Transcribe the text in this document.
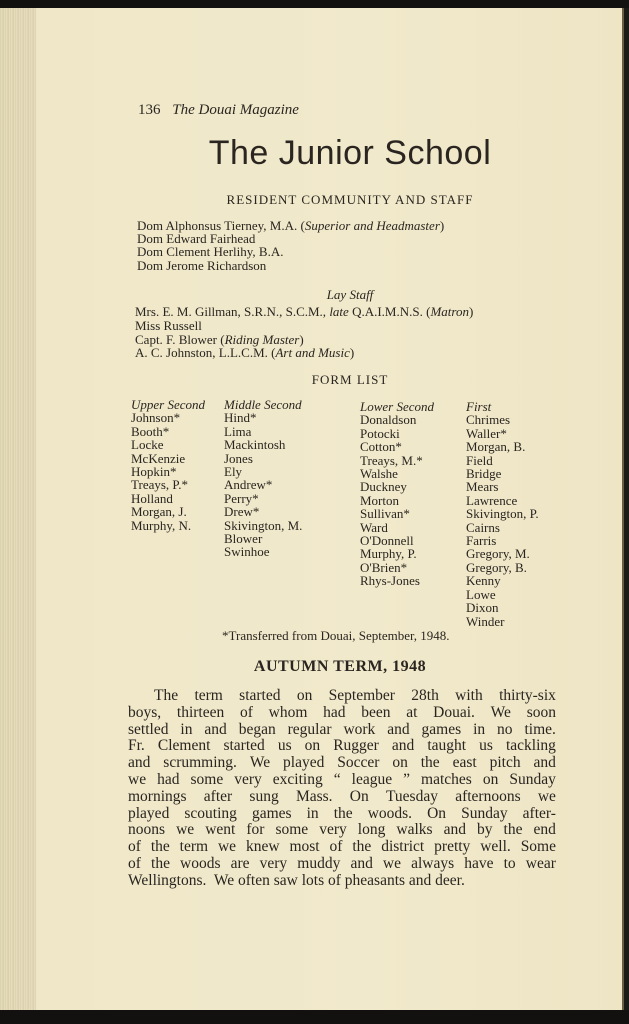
136 The Douai Magazine
The Junior School
RESIDENT COMMUNITY AND STAFF
Dom Alphonsus Tierney, M.A. (Superior and Headmaster)
Dom Edward Fairhead
Dom Clement Herlihy, B.A.
Dom Jerome Richardson
Lay Staff
Mrs. E. M. Gillman, S.R.N., S.C.M., late Q.A.I.M.N.S. (Matron)
Miss Russell
Capt. F. Blower (Riding Master)
A. C. Johnston, L.L.C.M. (Art and Music)
FORM LIST
Upper Second
Johnson*
Booth*
Locke
McKenzie
Hopkin*
Treays, P.*
Holland
Morgan, J.
Murphy, N.
Middle Second
Hind*
Lima
Mackintosh
Jones
Ely
Andrew*
Perry*
Drew*
Skivington, M.
Blower
Swinhoe
Lower Second
Donaldson
Potocki
Cotton*
Treays, M.*
Walshe
Duckney
Morton
Sullivan*
Ward
O'Donnell
Murphy, P.
O'Brien*
Rhys-Jones
First
Chrimes
Waller*
Morgan, B.
Field
Bridge
Mears
Lawrence
Skivington, P.
Cairns
Farris
Gregory, M.
Gregory, B.
Kenny
Lowe
Dixon
Winder
*Transferred from Douai, September, 1948.
AUTUMN TERM, 1948
The term started on September 28th with thirty-six
boys, thirteen of whom had been at Douai. We soon
settled in and began regular work and games in no time.
Fr. Clement started us on Rugger and taught us tackling
and scrumming. We played Soccer on the east pitch and
we had some very exciting “ league ” matches on Sunday
mornings after sung Mass. On Tuesday afternoons we
played scouting games in the woods. On Sunday after-
noons we went for some very long walks and by the end
of the term we knew most of the district pretty well. Some
of the woods are very muddy and we always have to wear
Wellingtons.  We often saw lots of pheasants and deer.
